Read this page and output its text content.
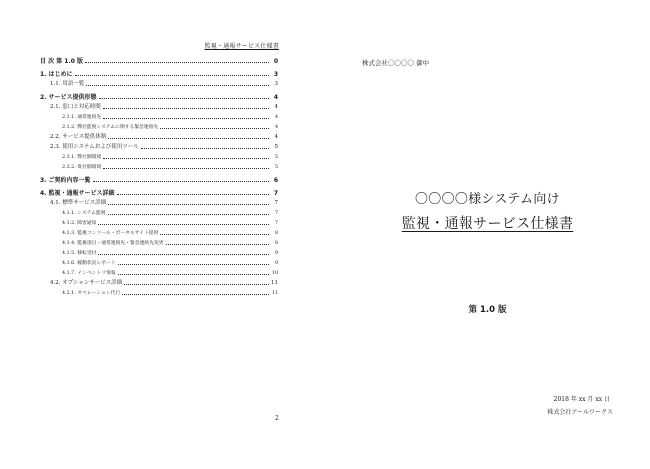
監視・通報サービス仕様書
目 次 第 1.0 版	0
1. はじめに	3
1.1. 用語一覧	3
2. サービス提供形態	4
2.1. 窓口と対応時間	4
2.1.1. 通常連絡先	4
2.1.2. 弊社監視システムに関する緊急連絡先	4
2.2. サービス提供体制	4
2.3. 使用システムおよび使用ツール	5
2.3.1. 弊社側環境	5
2.3.2. 貴社側環境	5
3. ご契約内容一覧	6
4. 監視・通報サービス詳細	7
4.1. 標準サービス詳細	7
4.1.1. システム監視	7
4.1.2. 障害通知	7
4.1.3. 監視コンソール・ポータルサイト提供	8
4.1.4. 監視項目・通常連絡先・緊急連絡先変更	8
4.1.5. 移転受付	9
4.1.6. 稼動状況レポート	9
4.1.7. インベントリ情報	10
4.2. オプションサービス詳細	11
4.2.1. オペレーション代行	11
2
株式会社〇〇〇〇 御中
〇〇〇〇様システム向け
監視・通報サービス仕様書
第 1.0 版
2018 年 xx 月 xx 日
株式会社アールワークス
